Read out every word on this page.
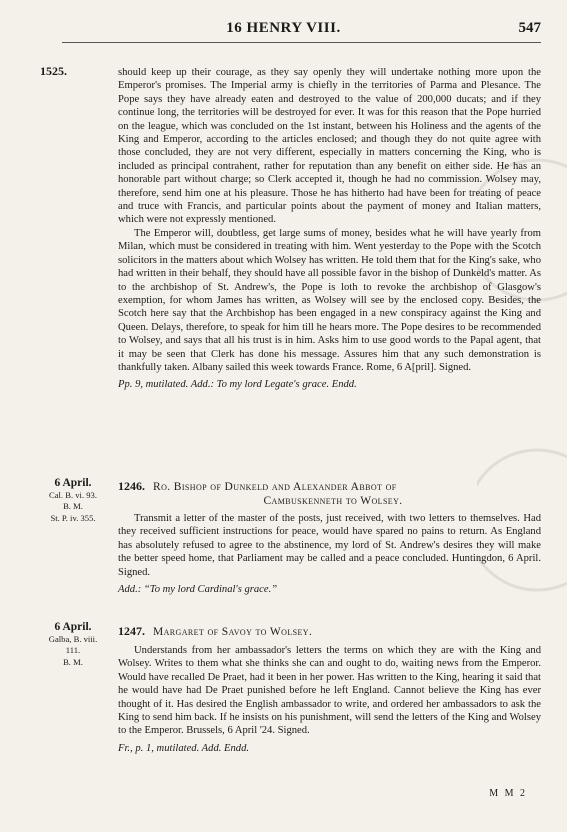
16 HENRY VIII.	547
1525.	should keep up their courage, as they say openly they will undertake nothing more upon the Emperor's promises. The Imperial army is chiefly in the territories of Parma and Plesance. The Pope says they have already eaten and destroyed to the value of 200,000 ducats; and if they continue long, the territories will be destroyed for ever. It was for this reason that the Pope hurried on the league, which was concluded on the 1st instant, between his Holiness and the agents of the King and Emperor, according to the articles enclosed; and though they do not quite agree with those concluded, they are not very different, especially in matters concerning the King, who is included as principal contrahent, rather for reputation than any benefit on either side. He has an honorable part without charge; so Clerk accepted it, though he had no commission. Wolsey may, therefore, send him one at his pleasure. Those he has hitherto had have been for treating of peace and truce with Francis, and particular points about the payment of money and Italian matters, which were not expressly mentioned.

The Emperor will, doubtless, get large sums of money, besides what he will have yearly from Milan, which must be considered in treating with him. Went yesterday to the Pope with the Scotch solicitors in the matters about which Wolsey has written. He told them that for the King's sake, who had written in their behalf, they should have all possible favor in the bishop of Dunkeld's matter. As to the archbishop of St. Andrew's, the Pope is loth to revoke the archbishop of Glasgow's exemption, for whom James has written, as Wolsey will see by the enclosed copy. Besides, the Scotch here say that the Archbishop has been engaged in a new conspiracy against the King and Queen. Delays, therefore, to speak for him till he hears more. The Pope desires to be recommended to Wolsey, and says that all his trust is in him. Asks him to use good words to the Papal agent, that it may be seen that Clerk has done his message. Assures him that any such demonstration is thankfully taken. Albany sailed this week towards France. Rome, 6 A[pril]. Signed.

Pp. 9, mutilated. Add.: To my lord Legate's grace. Endd.

6 April.
Cal. B. vi. 93.
B. M.
St. P. iv. 355.
1246. Ro. Bishop of Dunkeld and Alexander Abbot of
Cambuskenneth to Wolsey.

Transmit a letter of the master of the posts, just received, with two letters to themselves. Had they received sufficient instructions for peace, would have spared no pains to return. As England has absolutely refused to agree to the abstinence, my lord of St. Andrew's desires they will make the better speed home, that Parliament may be called and a peace concluded. Huntingdon, 6 April. Signed.

Add.: “To my lord Cardinal's grace.”

6 April.
Galba, B. viii.
111.
B. M.
1247. Margaret of Savoy to Wolsey.

Understands from her ambassador's letters the terms on which they are with the King and Wolsey. Writes to them what she thinks she can and ought to do, waiting news from the Emperor. Would have recalled De Praet, had it been in her power. Has written to the King, hearing it said that he would have had De Praet punished before he left England. Cannot believe the King has ever thought of it. Has desired the English ambassador to write, and ordered her ambassadors to ask the King to send him back. If he insists on his punishment, will send the letters of the King and Wolsey to the Emperor. Brussels, 6 April '24. Signed.

Fr., p. 1, mutilated. Add. Endd.

M M 2
